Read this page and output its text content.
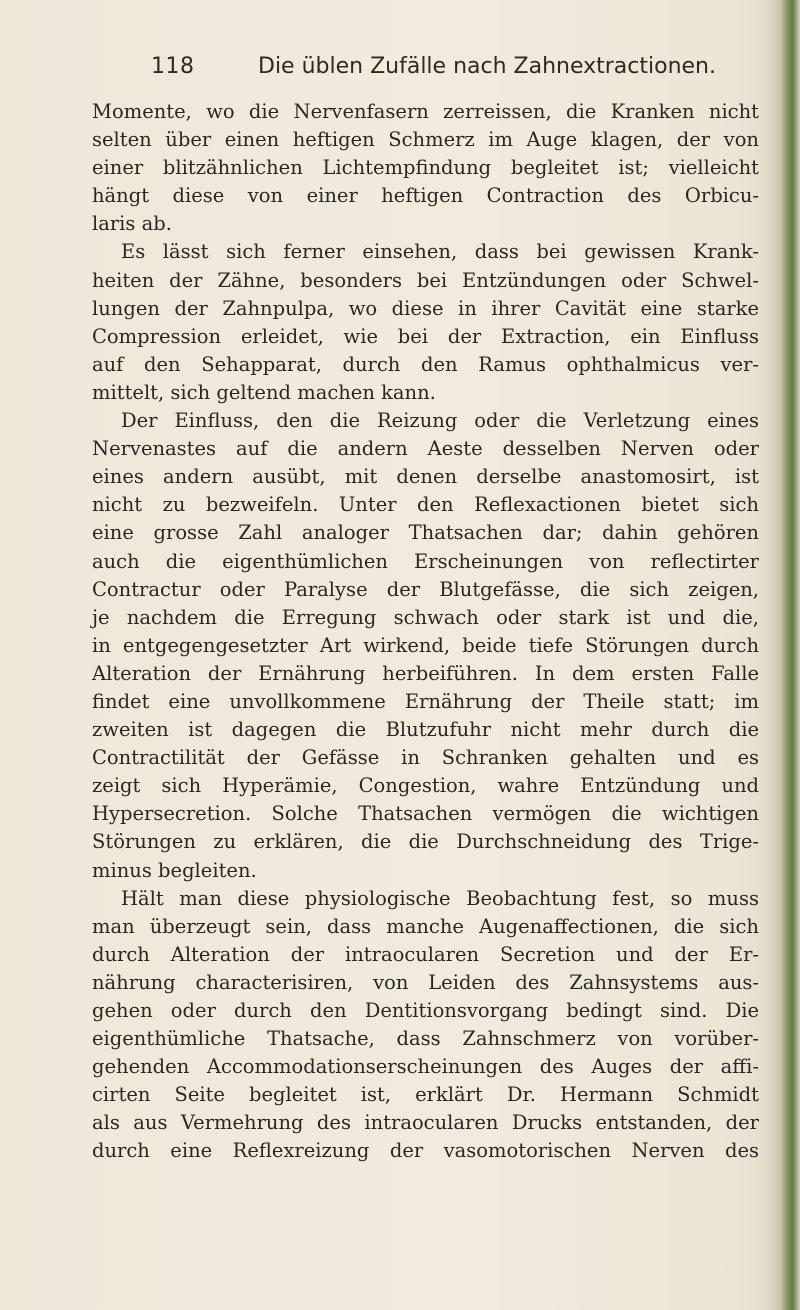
118	Die üblen Zufälle nach Zahnextractionen.
Momente, wo die Nervenfasern zerreissen, die Kranken nicht
selten über einen heftigen Schmerz im Auge klagen, der von
einer blitzähnlichen Lichtempfindung begleitet ist; vielleicht
hängt diese von einer heftigen Contraction des Orbicu-
laris ab.
Es lässt sich ferner einsehen, dass bei gewissen Krank-
heiten der Zähne, besonders bei Entzündungen oder Schwel-
lungen der Zahnpulpa, wo diese in ihrer Cavität eine starke
Compression erleidet, wie bei der Extraction, ein Einfluss
auf den Sehapparat, durch den Ramus ophthalmicus ver-
mittelt, sich geltend machen kann.
Der Einfluss, den die Reizung oder die Verletzung eines
Nervenastes auf die andern Aeste desselben Nerven oder
eines andern ausübt, mit denen derselbe anastomosirt, ist
nicht zu bezweifeln. Unter den Reflexactionen bietet sich
eine grosse Zahl analoger Thatsachen dar; dahin gehören
auch die eigenthümlichen Erscheinungen von reflectirter
Contractur oder Paralyse der Blutgefässe, die sich zeigen,
je nachdem die Erregung schwach oder stark ist und die,
in entgegengesetzter Art wirkend, beide tiefe Störungen durch
Alteration der Ernährung herbeiführen. In dem ersten Falle
findet eine unvollkommene Ernährung der Theile statt; im
zweiten ist dagegen die Blutzufuhr nicht mehr durch die
Contractilität der Gefässe in Schranken gehalten und es
zeigt sich Hyperämie, Congestion, wahre Entzündung und
Hypersecretion. Solche Thatsachen vermögen die wichtigen
Störungen zu erklären, die die Durchschneidung des Trige-
minus begleiten.
Hält man diese physiologische Beobachtung fest, so muss
man überzeugt sein, dass manche Augenaffectionen, die sich
durch Alteration der intraocularen Secretion und der Er-
nährung characterisiren, von Leiden des Zahnsystems aus-
gehen oder durch den Dentitionsvorgang bedingt sind. Die
eigenthümliche Thatsache, dass Zahnschmerz von vorüber-
gehenden Accommodationserscheinungen des Auges der affi-
cirten Seite begleitet ist, erklärt Dr. Hermann Schmidt
als aus Vermehrung des intraocularen Drucks entstanden, der
durch eine Reflexreizung der vasomotorischen Nerven des
